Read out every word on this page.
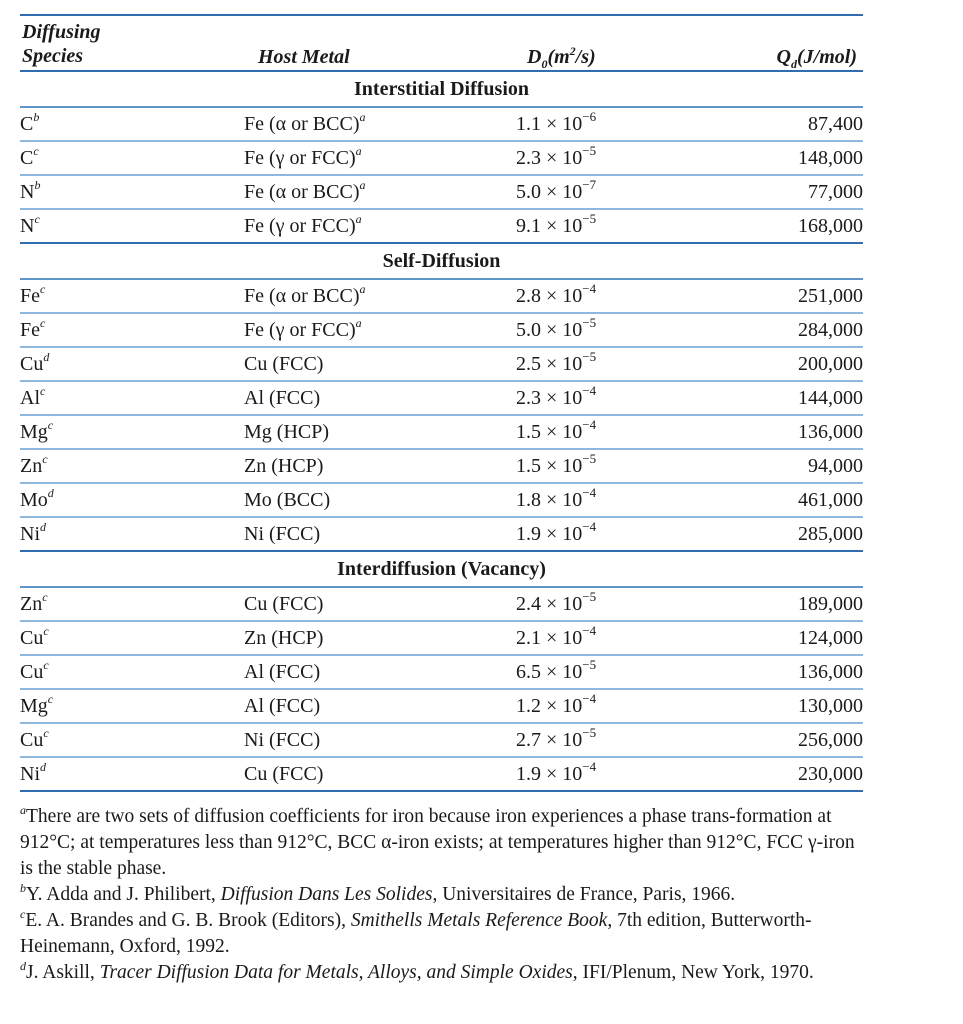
Diffusing
Species	Host Metal	$D_0(m^2/s)$	$Q_d(J/mol)$
Interstitial Diffusion
$C^b$	Fe (α or BCC)$^a$	$1.1 \times 10^{-6}$	87,400
$C^c$	Fe (γ or FCC)$^a$	$2.3 \times 10^{-5}$	148,000
$N^b$	Fe (α or BCC)$^a$	$5.0 \times 10^{-7}$	77,000
$N^c$	Fe (γ or FCC)$^a$	$9.1 \times 10^{-5}$	168,000
Self-Diffusion
Fe$^c$	Fe (α or BCC)$^a$	$2.8 \times 10^{-4}$	251,000
Fe$^c$	Fe (γ or FCC)$^a$	$5.0 \times 10^{-5}$	284,000
Cu$^d$	Cu (FCC)	$2.5 \times 10^{-5}$	200,000
Al$^c$	Al (FCC)	$2.3 \times 10^{-4}$	144,000
Mg$^c$	Mg (HCP)	$1.5 \times 10^{-4}$	136,000
Zn$^c$	Zn (HCP)	$1.5 \times 10^{-5}$	94,000
Mo$^d$	Mo (BCC)	$1.8 \times 10^{-4}$	461,000
Ni$^d$	Ni (FCC)	$1.9 \times 10^{-4}$	285,000
Interdiffusion (Vacancy)
Zn$^c$	Cu (FCC)	$2.4 \times 10^{-5}$	189,000
Cu$^c$	Zn (HCP)	$2.1 \times 10^{-4}$	124,000
Cu$^c$	Al (FCC)	$6.5 \times 10^{-5}$	136,000
Mg$^c$	Al (FCC)	$1.2 \times 10^{-4}$	130,000
Cu$^c$	Ni (FCC)	$2.7 \times 10^{-5}$	256,000
Ni$^d$	Cu (FCC)	$1.9 \times 10^{-4}$	230,000

$^a$There are two sets of diffusion coefficients for iron because iron experiences a phase trans-formation at 912°C; at temperatures less than 912°C, BCC α-iron exists; at temperatures higher than 912°C, FCC γ-iron is the stable phase.

$^b$Y. Adda and J. Philibert, Diffusion Dans Les Solides, Universitaires de France, Paris, 1966.

$^c$E. A. Brandes and G. B. Brook (Editors), Smithells Metals Reference Book, 7th edition, Butterworth-Heinemann, Oxford, 1992.

$^d$J. Askill, Tracer Diffusion Data for Metals, Alloys, and Simple Oxides, IFI/Plenum, New York, 1970.
